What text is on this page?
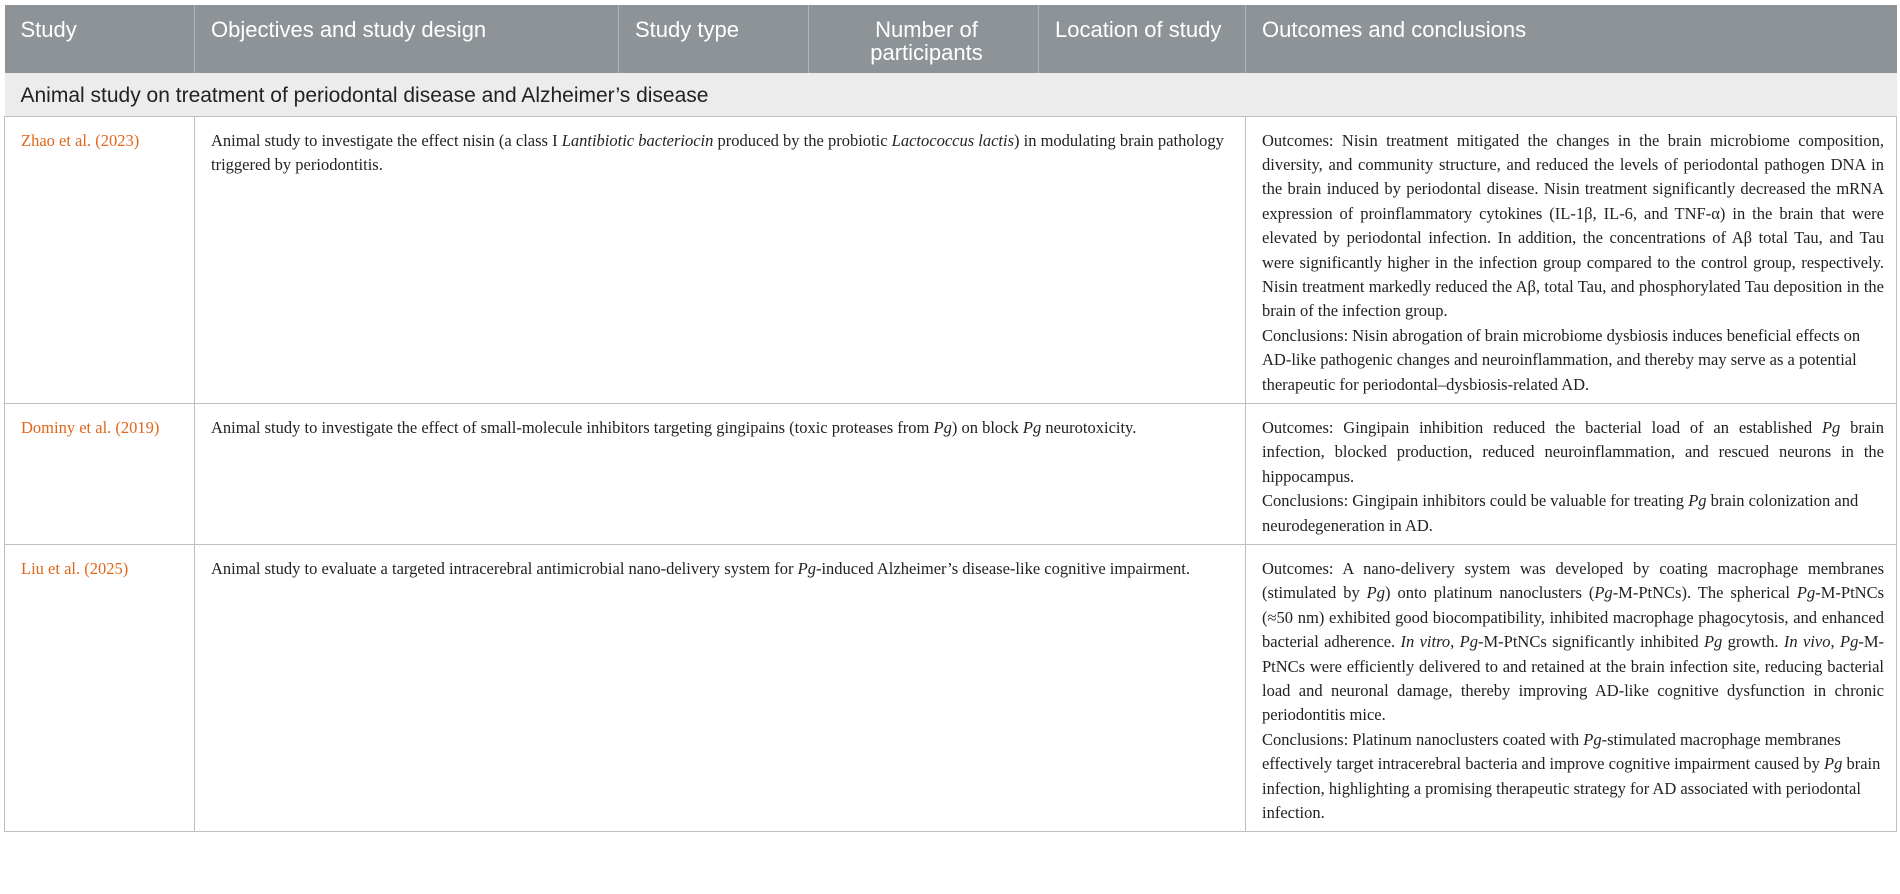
Study	Objectives and study design	Study type	Number of participants	Location of study	Outcomes and conclusions
Animal study on treatment of periodontal disease and Alzheimer’s disease					
Zhao et al. (2023)	Animal study to investigate the effect nisin (a class I Lantibiotic bacteriocin produced by the probiotic Lactococcus lactis) in modulating brain pathology triggered by periodontitis.				Outcomes: Nisin treatment mitigated the changes in the brain microbiome composition, diversity, and community structure, and reduced the levels of periodontal pathogen DNA in the brain induced by periodontal disease. Nisin treatment significantly decreased the mRNA expression of proinflammatory cytokines (IL-1β, IL-6, and TNF-α) in the brain that were elevated by periodontal infection. In addition, the concentrations of Aβ total Tau, and Tau were significantly higher in the infection group compared to the control group, respectively. Nisin treatment markedly reduced the Aβ, total Tau, and phosphorylated Tau deposition in the brain of the infection group.

Conclusions: Nisin abrogation of brain microbiome dysbiosis induces beneficial effects on AD-like pathogenic changes and neuroinflammation, and thereby may serve as a potential therapeutic for periodontal–dysbiosis-related AD.

Dominy et al. (2019)	Animal study to investigate the effect of small-molecule inhibitors targeting gingipains (toxic proteases from Pg) on block Pg neurotoxicity.				Outcomes: Gingipain inhibition reduced the bacterial load of an established Pg brain infection, blocked production, reduced neuroinflammation, and rescued neurons in the hippocampus.

Conclusions: Gingipain inhibitors could be valuable for treating Pg brain colonization and neurodegeneration in AD.

Liu et al. (2025)	Animal study to evaluate a targeted intracerebral antimicrobial nano-delivery system for Pg-induced Alzheimer’s disease-like cognitive impairment.				Outcomes: A nano-delivery system was developed by coating macrophage membranes (stimulated by Pg) onto platinum nanoclusters (Pg-M-PtNCs). The spherical Pg-M-PtNCs (≈50 nm) exhibited good biocompatibility, inhibited macrophage phagocytosis, and enhanced bacterial adherence. In vitro, Pg-M-PtNCs significantly inhibited Pg growth. In vivo, Pg-M-PtNCs were efficiently delivered to and retained at the brain infection site, reducing bacterial load and neuronal damage, thereby improving AD-like cognitive dysfunction in chronic periodontitis mice.

Conclusions: Platinum nanoclusters coated with Pg-stimulated macrophage membranes effectively target intracerebral bacteria and improve cognitive impairment caused by Pg brain infection, highlighting a promising therapeutic strategy for AD associated with periodontal infection.
